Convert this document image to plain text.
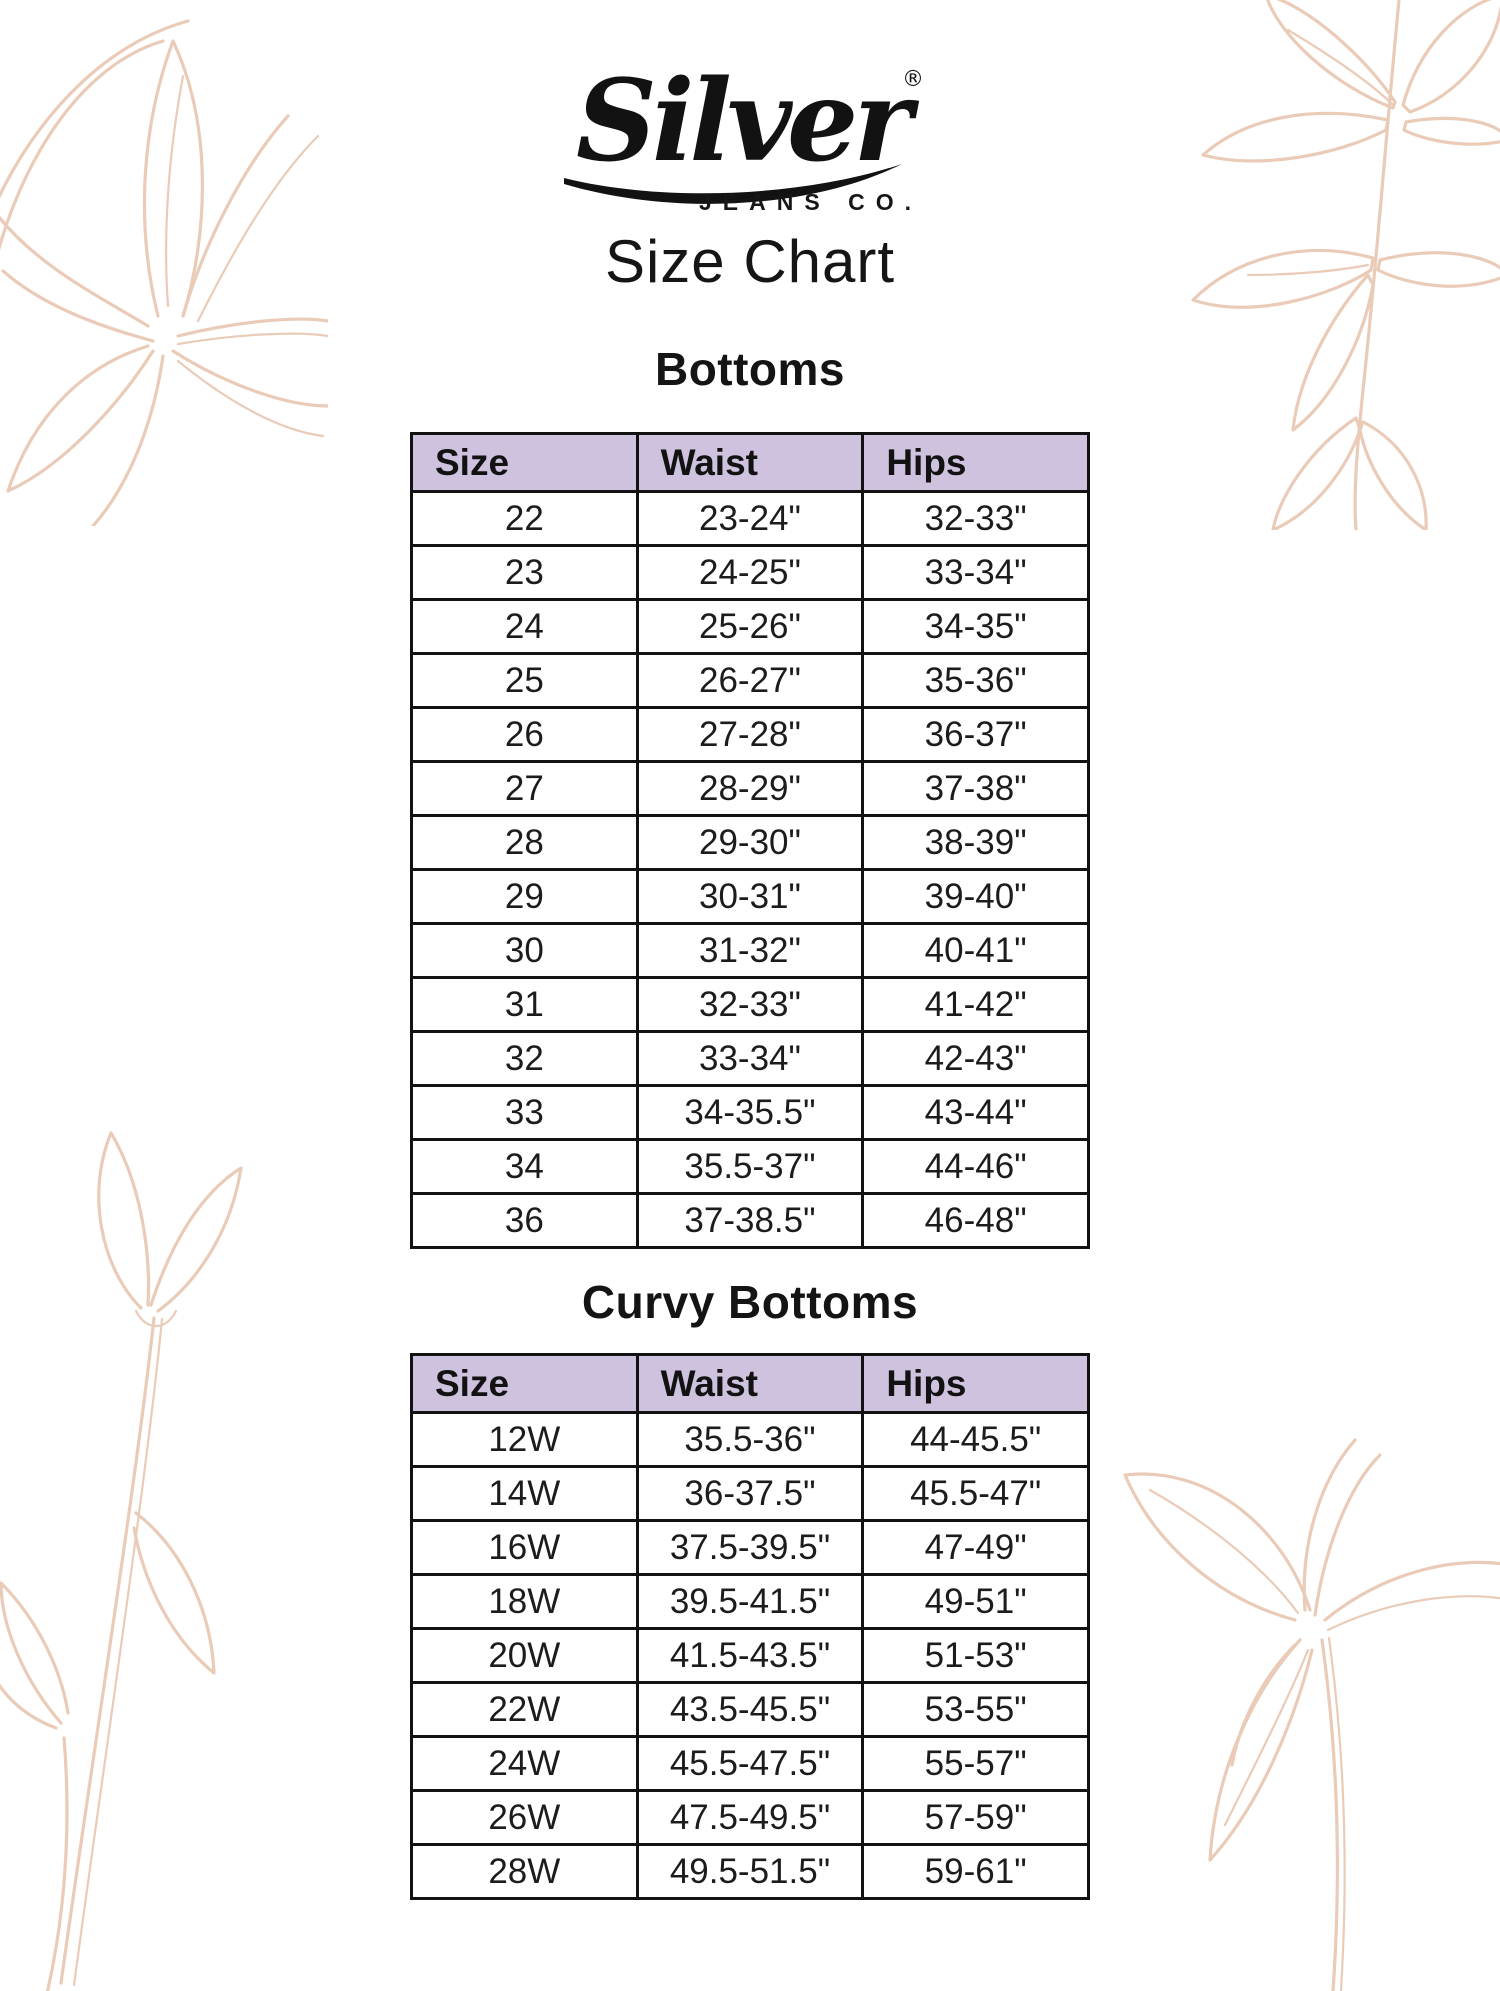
Silver
®
JEANS CO.
Size Chart
Bottoms
Size	Waist	Hips
22	23-24"	32-33"
23	24-25"	33-34"
24	25-26"	34-35"
25	26-27"	35-36"
26	27-28"	36-37"
27	28-29"	37-38"
28	29-30"	38-39"
29	30-31"	39-40"
30	31-32"	40-41"
31	32-33"	41-42"
32	33-34"	42-43"
33	34-35.5"	43-44"
34	35.5-37"	44-46"
36	37-38.5"	46-48"
Curvy Bottoms
Size	Waist	Hips
12W	35.5-36"	44-45.5"
14W	36-37.5"	45.5-47"
16W	37.5-39.5"	47-49"
18W	39.5-41.5"	49-51"
20W	41.5-43.5"	51-53"
22W	43.5-45.5"	53-55"
24W	45.5-47.5"	55-57"
26W	47.5-49.5"	57-59"
28W	49.5-51.5"	59-61"
